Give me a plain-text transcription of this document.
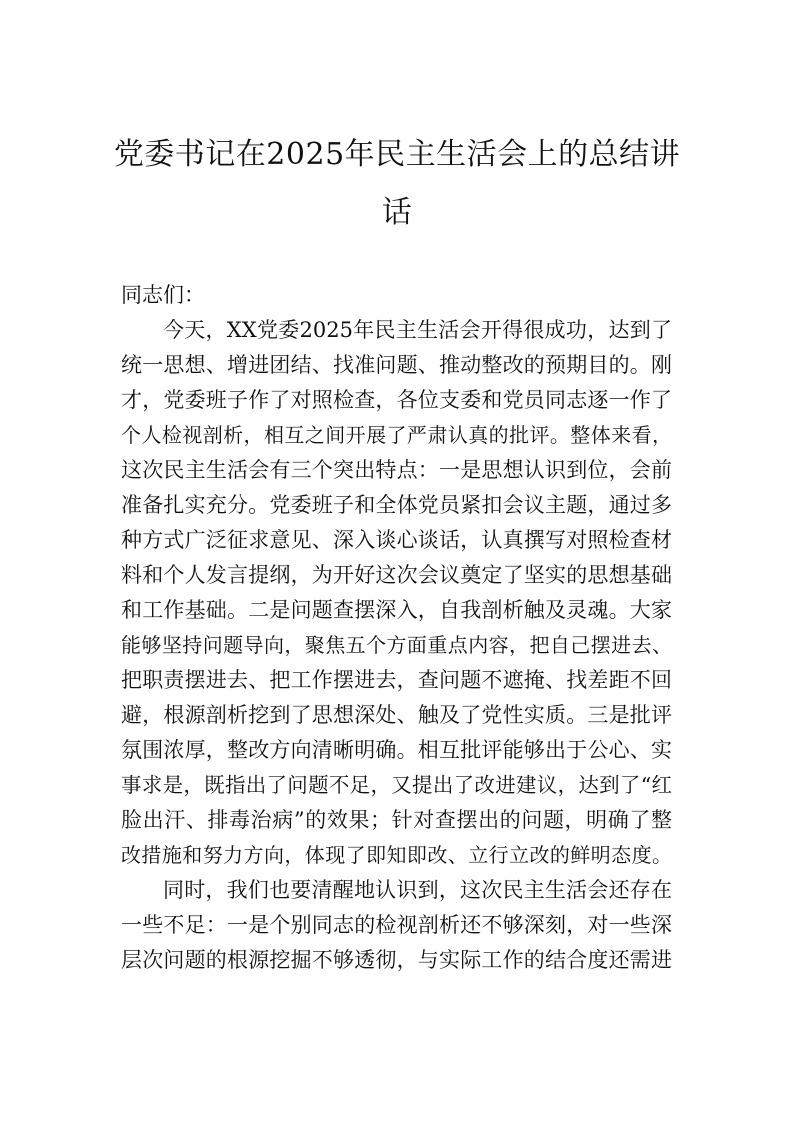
党委书记在2025年民主生活会上的总结讲
话
同志们：
今天，XX党委2025年民主生活会开得很成功，达到了
统一思想、增进团结、找准问题、推动整改的预期目的。刚
才，党委班子作了对照检查，各位支委和党员同志逐一作了
个人检视剖析，相互之间开展了严肃认真的批评。整体来看，
这次民主生活会有三个突出特点：一是思想认识到位，会前
准备扎实充分。党委班子和全体党员紧扣会议主题，通过多
种方式广泛征求意见、深入谈心谈话，认真撰写对照检查材
料和个人发言提纲，为开好这次会议奠定了坚实的思想基础
和工作基础。二是问题查摆深入，自我剖析触及灵魂。大家
能够坚持问题导向，聚焦五个方面重点内容，把自己摆进去、
把职责摆进去、把工作摆进去，查问题不遮掩、找差距不回
避，根源剖析挖到了思想深处、触及了党性实质。三是批评
氛围浓厚，整改方向清晰明确。相互批评能够出于公心、实
事求是，既指出了问题不足，又提出了改进建议，达到了“红
脸出汗、排毒治病”的效果；针对查摆出的问题，明确了整
改措施和努力方向，体现了即知即改、立行立改的鲜明态度。
同时，我们也要清醒地认识到，这次民主生活会还存在
一些不足：一是个别同志的检视剖析还不够深刻，对一些深
层次问题的根源挖掘不够透彻，与实际工作的结合度还需进
